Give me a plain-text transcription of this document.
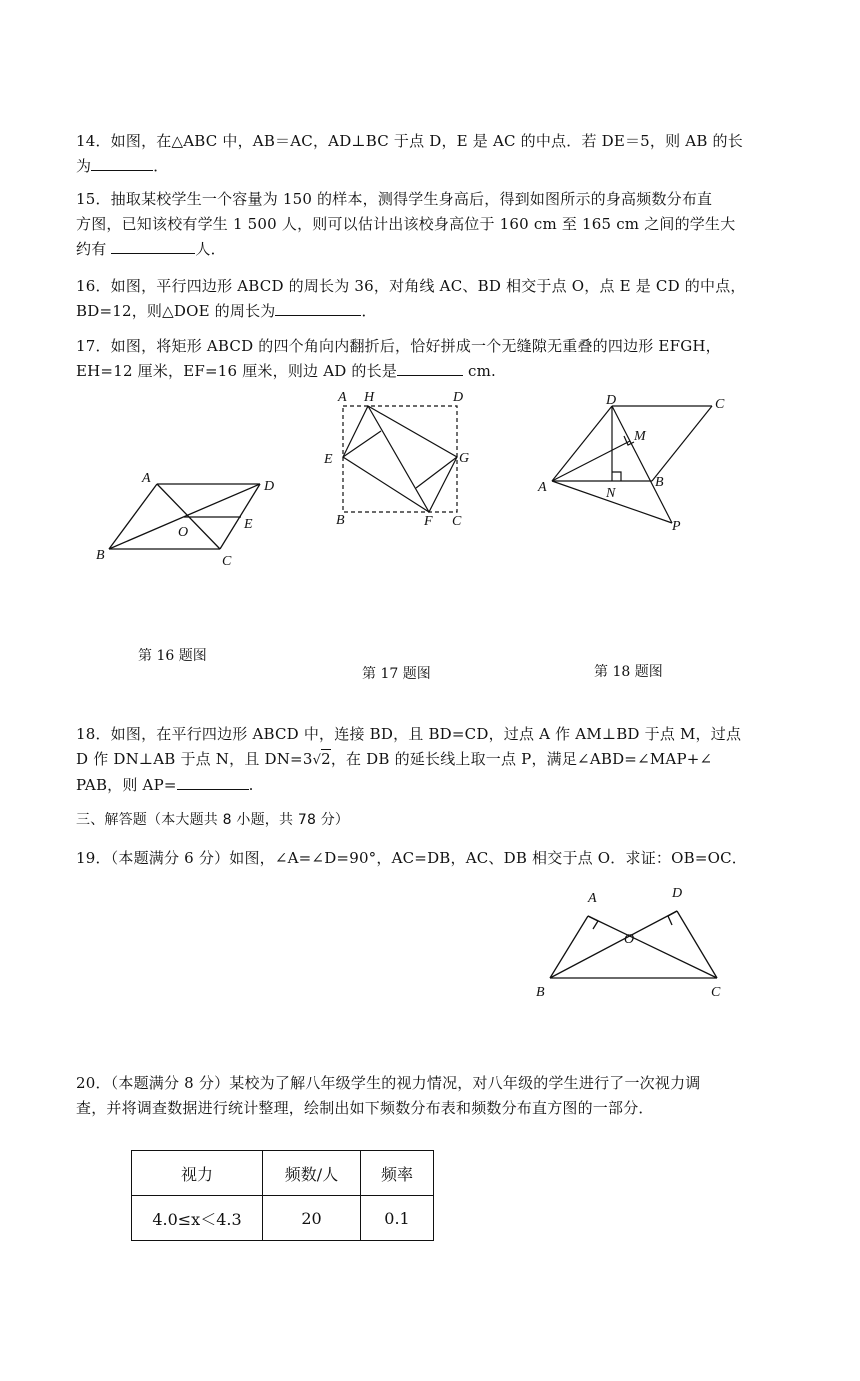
14．如图，在△ABC 中，AB＝AC，AD⊥BC 于点 D，E 是 AC 的中点．若 DE＝5，则 AB 的长
为	．
15．抽取某校学生一个容量为 150 的样本，测得学生身高后，得到如图所示的身高频数分布直
方图，已知该校有学生 1 500 人，则可以估计出该校身高位于 160 cm 至 165 cm 之间的学生大
约有	人．
16．如图，平行四边形 ABCD 的周长为 36，对角线 AC、BD 相交于点 O，点 E 是 CD 的中点，
BD=12，则△DOE 的周长为	．
17．如图，将矩形 ABCD 的四个角向内翻折后，恰好拼成一个无缝隙无重叠的四边形 EFGH，
EH=12 厘米，EF=16 厘米，则边 AD 的长是	cm.
A
D
E
O
B	C
A H	D
E	G
B	F C
D	C
M
A	N
B
P
第 16 题图
第 17 题图	第 18 题图
18．如图，在平行四边形 ABCD 中，连接 BD，且 BD=CD，过点 A 作 AM⊥BD 于点 M，过点
D 作 DN⊥AB 于点 N，且 DN=3√2，在 DB 的延长线上取一点 P，满足∠ABD=∠MAP+∠
PAB，则 AP=	.
三、解答题（本大题共 8 小题，共 78 分）
19．（本题满分 6 分）如图，∠A=∠D=90°，AC=DB，AC、DB 相交于点 O．求证：OB=OC．
A	D
O
B	C
20．（本题满分 8 分）某校为了解八年级学生的视力情况，对八年级的学生进行了一次视力调
查，并将调查数据进行统计整理，绘制出如下频数分布表和频数分布直方图的一部分．
视力	频数/人	频率
4.0≤x＜4.3	20	0.1
